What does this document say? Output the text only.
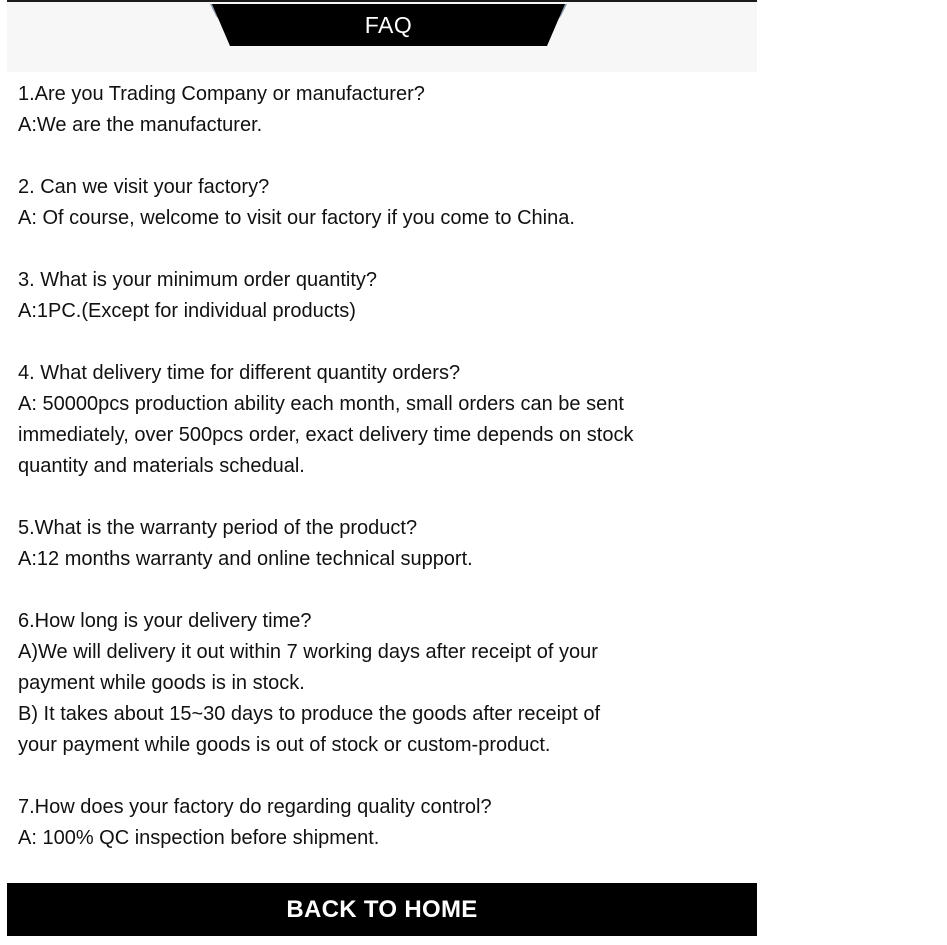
FAQ
1.Are you Trading Company or manufacturer?
A:We are the manufacturer.
2. Can we visit your factory?
A: Of course, welcome to visit our factory if you come to China.
3. What is your minimum order quantity?
A:1PC.(Except for individual products)
4. What delivery time for different quantity orders?
A: 50000pcs production ability each month, small orders can be sent
immediately, over 500pcs order, exact delivery time depends on stock
quantity and materials schedual.
5.What is the warranty period of the product?
A:12 months warranty and online technical support.
6.How long is your delivery time?
A)We will delivery it out within 7 working days after receipt of your
payment while goods is in stock.
B) It takes about 15~30 days to produce the goods after receipt of
your payment while goods is out of stock or custom-product.
7.How does your factory do regarding quality control?
A: 100% QC inspection before shipment.
BACK TO HOME
